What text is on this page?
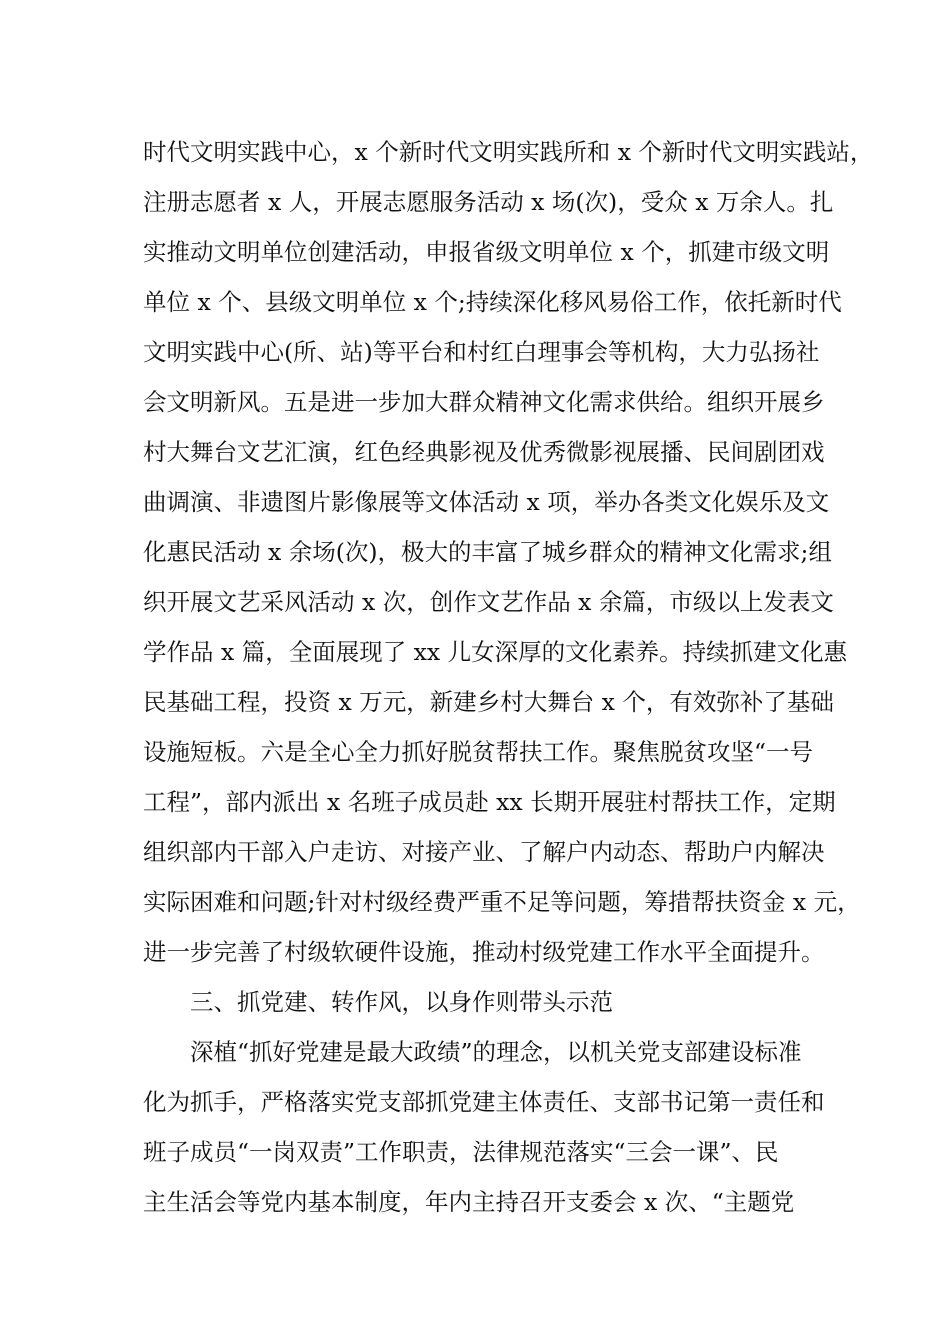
时代文明实践中心，x 个新时代文明实践所和 x 个新时代文明实践站，
注册志愿者 x 人，开展志愿服务活动 x 场(次)，受众 x 万余人。扎
实推动文明单位创建活动，申报省级文明单位 x 个，抓建市级文明
单位 x 个、县级文明单位 x 个;持续深化移风易俗工作，依托新时代
文明实践中心(所、站)等平台和村红白理事会等机构，大力弘扬社
会文明新风。五是进一步加大群众精神文化需求供给。组织开展乡
村大舞台文艺汇演，红色经典影视及优秀微影视展播、民间剧团戏
曲调演、非遗图片影像展等文体活动 x 项，举办各类文化娱乐及文
化惠民活动 x 余场(次)，极大的丰富了城乡群众的精神文化需求;组
织开展文艺采风活动 x 次，创作文艺作品 x 余篇，市级以上发表文
学作品 x 篇，全面展现了 xx 儿女深厚的文化素养。持续抓建文化惠
民基础工程，投资 x 万元，新建乡村大舞台 x 个，有效弥补了基础
设施短板。六是全心全力抓好脱贫帮扶工作。聚焦脱贫攻坚“一号
工程”，部内派出 x 名班子成员赴 xx 长期开展驻村帮扶工作，定期
组织部内干部入户走访、对接产业、了解户内动态、帮助户内解决
实际困难和问题;针对村级经费严重不足等问题，筹措帮扶资金 x 元，
进一步完善了村级软硬件设施，推动村级党建工作水平全面提升。
三、抓党建、转作风，以身作则带头示范
深植“抓好党建是最大政绩”的理念，以机关党支部建设标准
化为抓手，严格落实党支部抓党建主体责任、支部书记第一责任和
班子成员“一岗双责”工作职责，法律规范落实“三会一课”、民
主生活会等党内基本制度，年内主持召开支委会 x 次、“主题党
